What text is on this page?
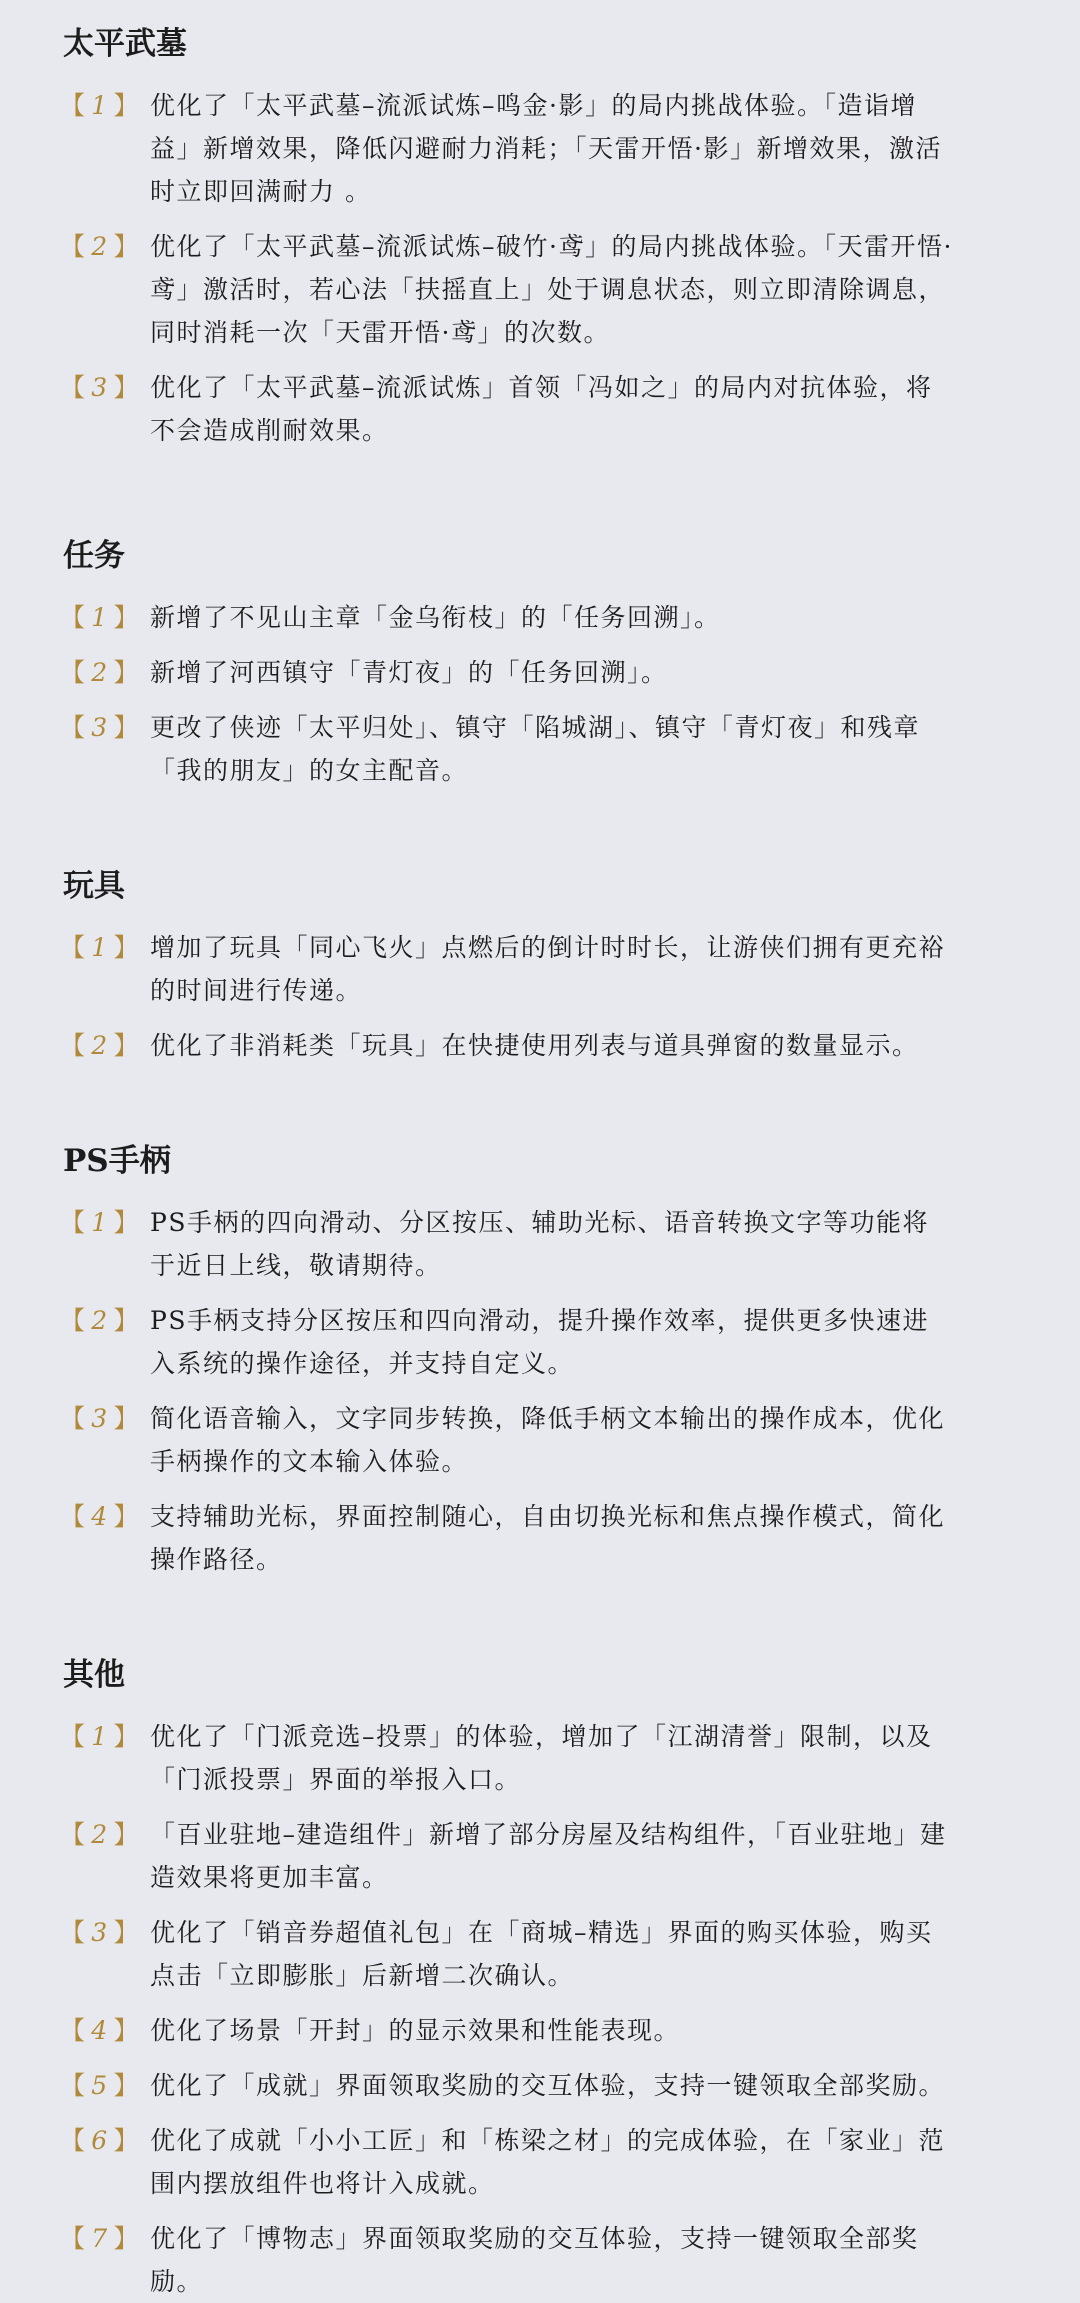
太平武墓
【 1 】 优化了「太平武墓–流派试炼–鸣金·影」的局内挑战体验。「造诣增益」新增效果，降低闪避耐力消耗；「天雷开悟·影」新增效果，激活时立即回满耐力 。
【 2 】 优化了「太平武墓–流派试炼–破竹·鸢」的局内挑战体验。「天雷开悟·鸢」激活时，若心法「扶摇直上」处于调息状态，则立即清除调息，同时消耗一次「天雷开悟·鸢」的次数。
【 3 】 优化了「太平武墓–流派试炼」首领「冯如之」的局内对抗体验，将不会造成削耐效果。
任务
【 1 】 新增了不见山主章「金乌衔枝」的「任务回溯」。
【 2 】 新增了河西镇守「青灯夜」的「任务回溯」。
【 3 】 更改了侠迹「太平归处」、镇守「陷城湖」、镇守「青灯夜」和残章「我的朋友」的女主配音。
玩具
【 1 】 增加了玩具「同心飞火」点燃后的倒计时时长，让游侠们拥有更充裕的时间进行传递。
【 2 】 优化了非消耗类「玩具」在快捷使用列表与道具弹窗的数量显示。
PS手柄
【 1 】 PS手柄的四向滑动、分区按压、辅助光标、语音转换文字等功能将于近日上线，敬请期待。
【 2 】 PS手柄支持分区按压和四向滑动，提升操作效率，提供更多快速进入系统的操作途径，并支持自定义。
【 3 】 简化语音输入，文字同步转换，降低手柄文本输出的操作成本，优化手柄操作的文本输入体验。
【 4 】 支持辅助光标，界面控制随心，自由切换光标和焦点操作模式，简化操作路径。
其他
【 1 】 优化了「门派竞选–投票」的体验，增加了「江湖清誉」限制，以及「门派投票」界面的举报入口。
【 2 】 「百业驻地–建造组件」新增了部分房屋及结构组件，「百业驻地」建造效果将更加丰富。
【 3 】 优化了「销音券超值礼包」在「商城–精选」界面的购买体验，购买点击「立即膨胀」后新增二次确认。
【 4 】 优化了场景「开封」的显示效果和性能表现。
【 5 】 优化了「成就」界面领取奖励的交互体验，支持一键领取全部奖励。
【 6 】 优化了成就「小小工匠」和「栋梁之材」的完成体验，在「家业」范围内摆放组件也将计入成就。
【 7 】 优化了「博物志」界面领取奖励的交互体验，支持一键领取全部奖励。
